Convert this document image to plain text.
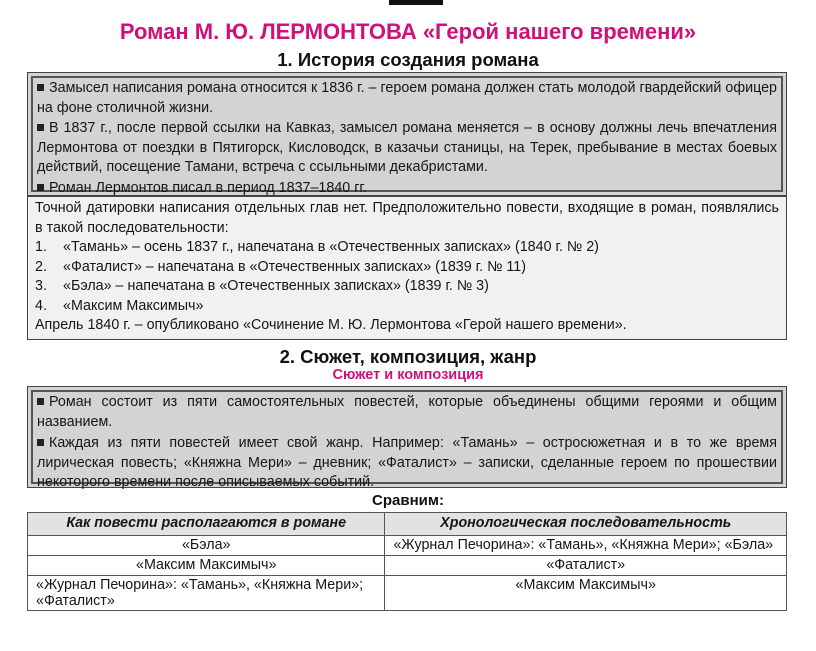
Роман М. Ю. ЛЕРМОНТОВА «Герой нашего времени»
1. История создания романа
Замысел написания романа относится к 1836 г. – героем романа должен стать молодой гвардейский офицер на фоне столичной жизни.
В 1837 г., после первой ссылки на Кавказ, замысел романа меняется – в основу должны лечь впечатления Лермонтова от поездки в Пятигорск, Кисловодск, в казачьи станицы, на Терек, пребывание в местах боевых действий, посещение Тамани, встреча с ссыльными декабристами.
Роман Лермонтов писал в период 1837–1840 гг.
Точной датировки написания отдельных глав нет. Предположительно повести, входящие в роман, появлялись в такой последовательности:
1.	«Тамань» – осень 1837 г., напечатана в «Отечественных записках» (1840 г. № 2)
2.	«Фаталист» – напечатана в «Отечественных записках» (1839 г. № 11)
3.	«Бэла» – напечатана в «Отечественных записках» (1839 г. № 3)
4.	«Максим Максимыч»
Апрель 1840 г. – опубликовано «Сочинение М. Ю. Лермонтова «Герой нашего времени».
2. Сюжет, композиция, жанр
Сюжет и композиция
Роман состоит из пяти самостоятельных повестей, которые объединены общими героями и общим названием.
Каждая из пяти повестей имеет свой жанр. Например: «Тамань» – остросюжетная и в то же время лирическая повесть; «Княжна Мери» – дневник; «Фаталист» – записки, сделанные героем по прошествии некоторого времени после описываемых событий.
Сравним:
Как повести располагаются в романе	Хронологическая последовательность
«Бэла»	«Журнал Печорина»: «Тамань», «Княжна Мери»; «Бэла»
«Максим Максимыч»	«Фаталист»
«Журнал Печорина»: «Тамань», «Княжна Мери»; «Фаталист»	«Максим Максимыч»
